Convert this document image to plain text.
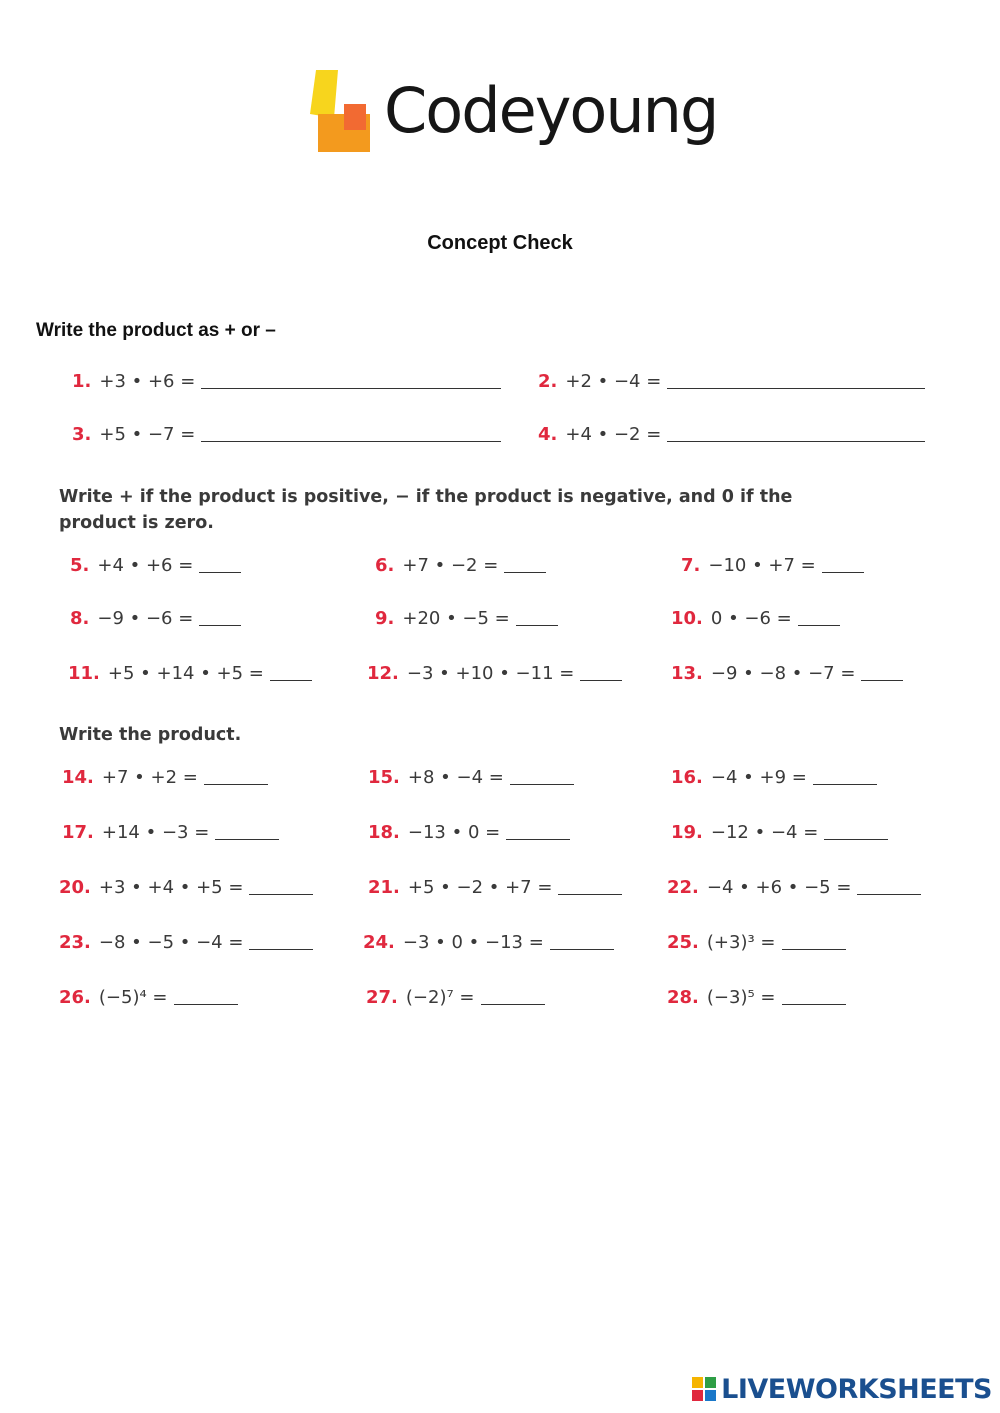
Codeyoung
Concept Check
Write the product as + or –
1. +3 • +6 =	2. +2 • −4 =
3. +5 • −7 =	4. +4 • −2 =
Write + if the product is positive, − if the product is negative, and 0 if the product is zero.
5. +4 • +6 =	6. +7 • −2 =	7. −10 • +7 =
8. −9 • −6 =	9. +20 • −5 =	10. 0 • −6 =
11. +5 • +14 • +5 =	12. −3 • +10 • −11 =	13. −9 • −8 • −7 =
Write the product.
14. +7 • +2 =	15. +8 • −4 =	16. −4 • +9 =
17. +14 • −3 =	18. −13 • 0 =	19. −12 • −4 =
20. +3 • +4 • +5 =	21. +5 • −2 • +7 =	22. −4 • +6 • −5 =
23. −8 • −5 • −4 =	24. −3 • 0 • −13 =	25. (+3)³ =
26. (−5)⁴ =	27. (−2)⁷ =	28. (−3)⁵ =
LIVEWORKSHEETS
